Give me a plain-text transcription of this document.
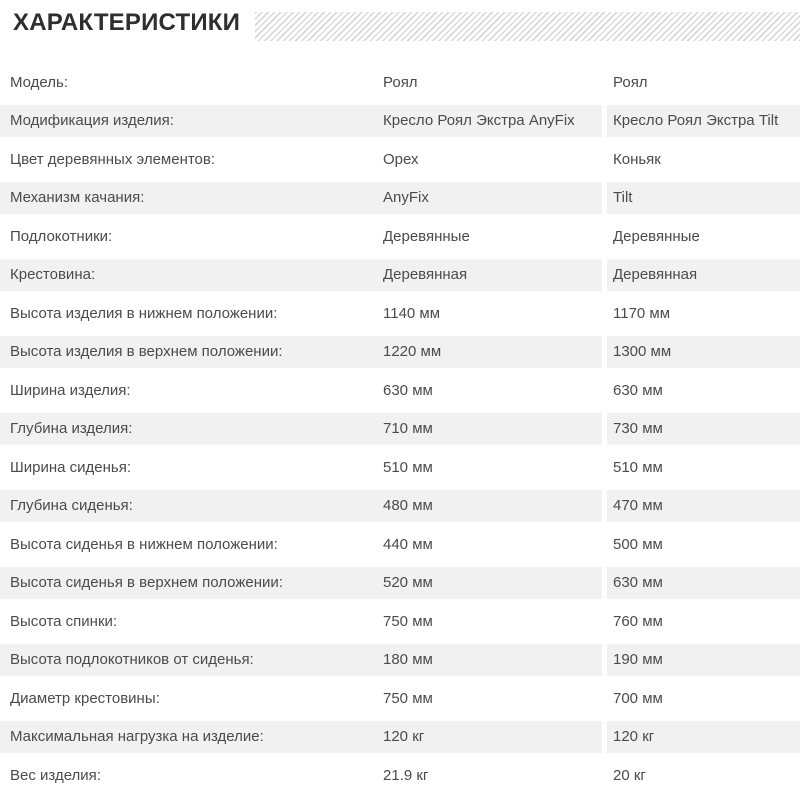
ХАРАКТЕРИСТИКИ
Модель:	Роял	Роял
Модификация изделия:	Кресло Роял Экстра AnyFix	Кресло Роял Экстра Tilt
Цвет деревянных элементов:	Орех	Коньяк
Механизм качания:	AnyFix	Tilt
Подлокотники:	Деревянные	Деревянные
Крестовина:	Деревянная	Деревянная
Высота изделия в нижнем положении:	1140 мм	1170 мм
Высота изделия в верхнем положении:	1220 мм	1300 мм
Ширина изделия:	630 мм	630 мм
Глубина изделия:	710 мм	730 мм
Ширина сиденья:	510 мм	510 мм
Глубина сиденья:	480 мм	470 мм
Высота сиденья в нижнем положении:	440 мм	500 мм
Высота сиденья в верхнем положении:	520 мм	630 мм
Высота спинки:	750 мм	760 мм
Высота подлокотников от сиденья:	180 мм	190 мм
Диаметр крестовины:	750 мм	700 мм
Максимальная нагрузка на изделие:	120 кг	120 кг
Вес изделия:	21.9 кг	20 кг
